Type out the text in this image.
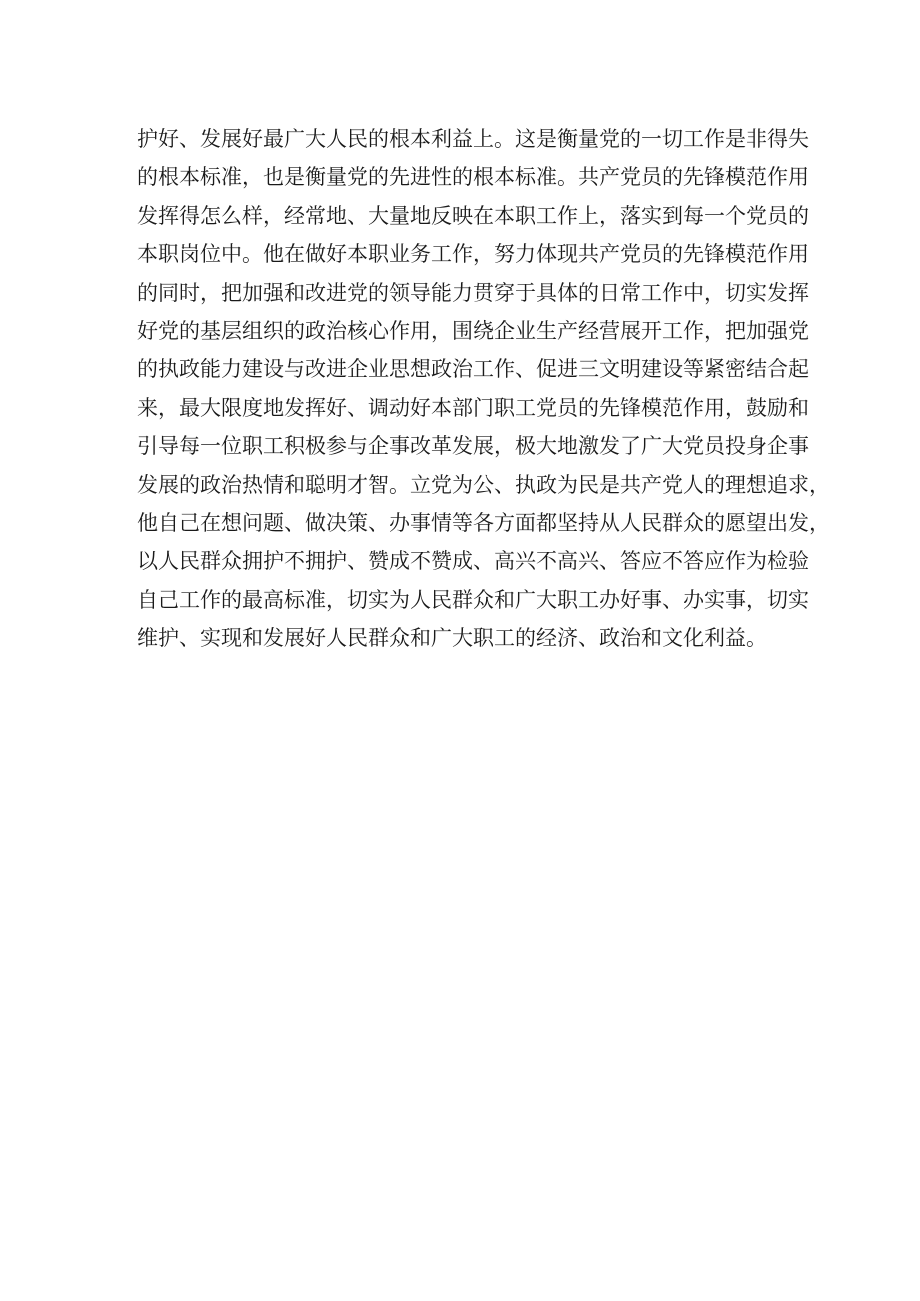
护好、发展好最广大人民的根本利益上。这是衡量党的一切工作是非得失
的根本标准，也是衡量党的先进性的根本标准。共产党员的先锋模范作用
发挥得怎么样，经常地、大量地反映在本职工作上，落实到每一个党员的
本职岗位中。他在做好本职业务工作，努力体现共产党员的先锋模范作用
的同时，把加强和改进党的领导能力贯穿于具体的日常工作中，切实发挥
好党的基层组织的政治核心作用，围绕企业生产经营展开工作，把加强党
的执政能力建设与改进企业思想政治工作、促进三文明建设等紧密结合起
来，最大限度地发挥好、调动好本部门职工党员的先锋模范作用，鼓励和
引导每一位职工积极参与企事改革发展，极大地激发了广大党员投身企事
发展的政治热情和聪明才智。立党为公、执政为民是共产党人的理想追求，
他自己在想问题、做决策、办事情等各方面都坚持从人民群众的愿望出发，
以人民群众拥护不拥护、赞成不赞成、高兴不高兴、答应不答应作为检验
自己工作的最高标准，切实为人民群众和广大职工办好事、办实事，切实
维护、实现和发展好人民群众和广大职工的经济、政治和文化利益。
